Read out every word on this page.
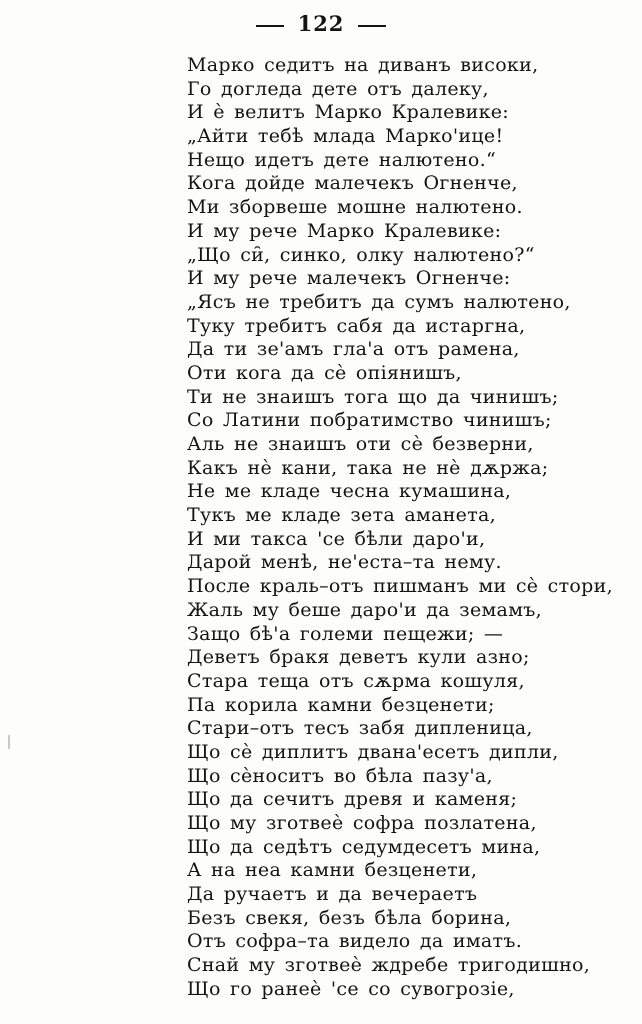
122
Марко седитъ на диванъ високи,
Го доглeда дете отъ далеку,
И ѐ велитъ Марко Кралевике:
„Айти тебѣ млада Марко'ице!
Нещо идетъ дете налютено.“
Кога дойде малечекъ Огненче,
Ми зборвеше мошне налютено.
И му рече Марко Кралевике:
„Що си̑, синко, олку налютено?“
И му рече малечекъ Огненче:
„Ясъ не требитъ да сумъ налютено,
Туку требитъ сабя да истаргна,
Да ти зе'амъ гла'а отъ рамена,
Оти кога да сѐ опіянишъ,
Ти не знаишъ тога що да чинишъ;
Со Латини побратимство чинишъ;
Аль не знаишъ оти сѐ безверни,
Какъ нѐ кани, така не нѐ дѫржа;
Не ме кладе чесна кумашина,
Тукъ ме кладе зета аманета,
И ми такса 'се бѣли даро'и,
Дарой менѣ, не'еста–та нему.
После краль–отъ пишманъ ми сѐ стори,
Жаль му беше даро'и да земамъ,
Защо бѣ'а големи пещежи; —
Деветъ бракя деветъ кули азно;
Стара теща отъ сѫрма кошуля,
Па корила камни безценети;
Стари–отъ тесъ забя дипленица,
Що сѐ диплитъ двана'есетъ дипли,
Що сѐноситъ во бѣла пазу'а,
Що да сечитъ древя и каменя;
Що му зготвеѐ софра позлатена,
Що да седѣтъ седумдесетъ мина,
А на неа камни безценети,
Да ручаетъ и да вечераетъ
Безъ свекя, безъ бѣла борина,
Отъ софра–та видело да иматъ.
Снай му зготвеѐ ждребе тригодишно,
Що го ранеѐ 'се со сувогрозіе,
